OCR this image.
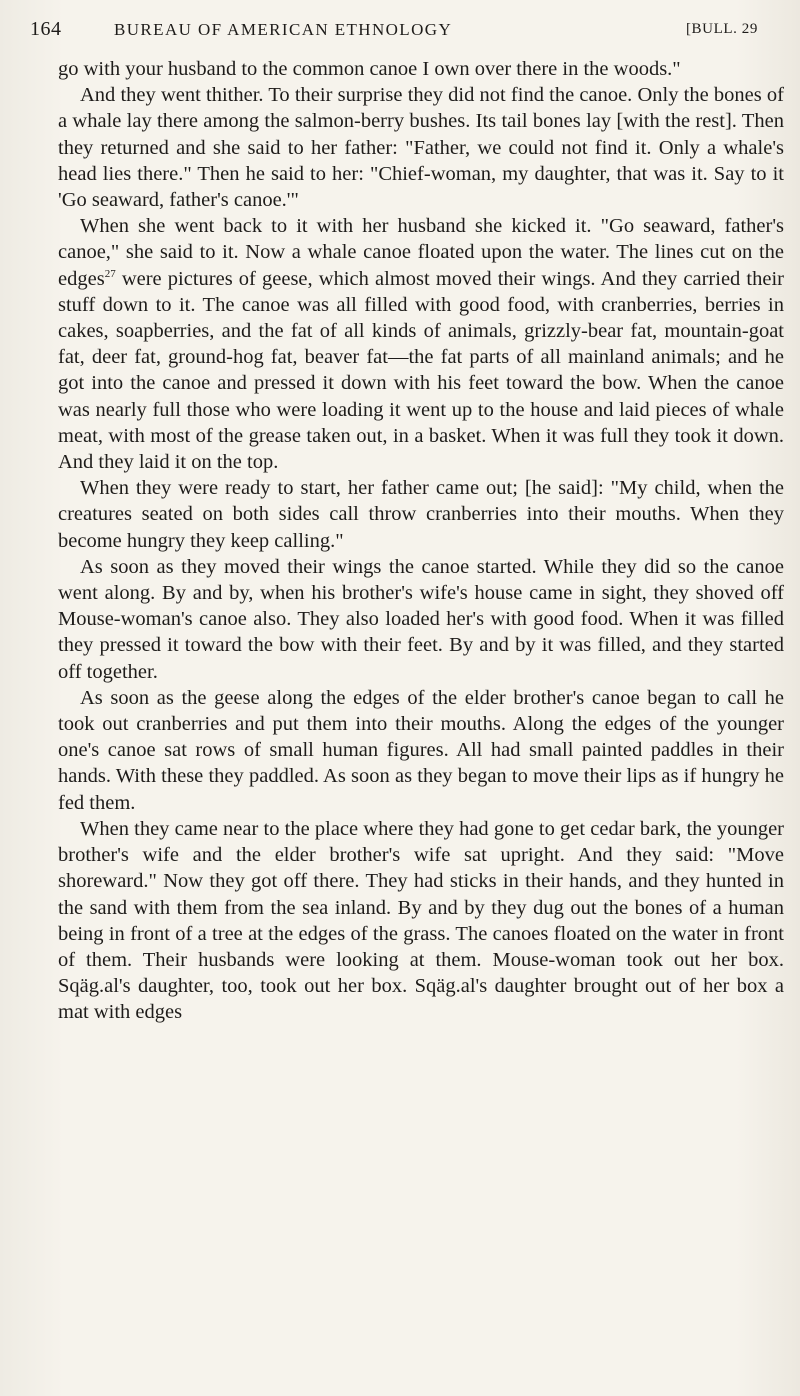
164	BUREAU OF AMERICAN ETHNOLOGY	[BULL. 29

go with your husband to the common canoe I own over there in the woods."

And they went thither. To their surprise they did not find the canoe. Only the bones of a whale lay there among the salmon-berry bushes. Its tail bones lay [with the rest]. Then they returned and she said to her father: "Father, we could not find it. Only a whale's head lies there." Then he said to her: "Chief-woman, my daughter, that was it. Say to it 'Go seaward, father's canoe.'"

When she went back to it with her husband she kicked it. "Go seaward, father's canoe," she said to it. Now a whale canoe floated upon the water. The lines cut on the edges$^{27}$ were pictures of geese, which almost moved their wings. And they carried their stuff down to it. The canoe was all filled with good food, with cranberries, berries in cakes, soapberries, and the fat of all kinds of animals, grizzly-bear fat, mountain-goat fat, deer fat, ground-hog fat, beaver fat—the fat parts of all mainland animals; and he got into the canoe and pressed it down with his feet toward the bow. When the canoe was nearly full those who were loading it went up to the house and laid pieces of whale meat, with most of the grease taken out, in a basket. When it was full they took it down. And they laid it on the top.

When they were ready to start, her father came out; [he said]: "My child, when the creatures seated on both sides call throw cranberries into their mouths. When they become hungry they keep calling."

As soon as they moved their wings the canoe started. While they did so the canoe went along. By and by, when his brother's wife's house came in sight, they shoved off Mouse-woman's canoe also. They also loaded her's with good food. When it was filled they pressed it toward the bow with their feet. By and by it was filled, and they started off together.

As soon as the geese along the edges of the elder brother's canoe began to call he took out cranberries and put them into their mouths. Along the edges of the younger one's canoe sat rows of small human figures. All had small painted paddles in their hands. With these they paddled. As soon as they began to move their lips as if hungry he fed them.

When they came near to the place where they had gone to get cedar bark, the younger brother's wife and the elder brother's wife sat upright. And they said: "Move shoreward." Now they got off there. They had sticks in their hands, and they hunted in the sand with them from the sea inland. By and by they dug out the bones of a human being in front of a tree at the edges of the grass. The canoes floated on the water in front of them. Their husbands were looking at them. Mouse-woman took out her box. Sqäg.al's daughter, too, took out her box. Sqäg.al's daughter brought out of her box a mat with edges
